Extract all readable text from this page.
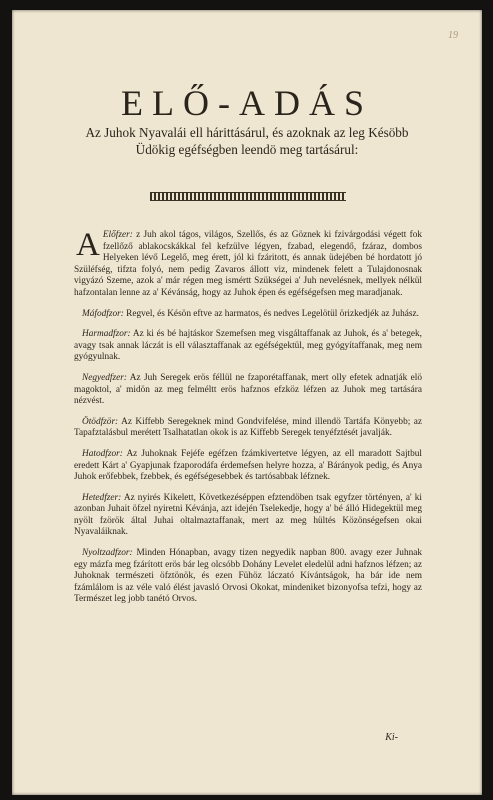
19
ELŐ-ADÁS
Az Juhok Nyavalái ell hárittásárul, és azoknak az leg Késöbb Üdökig egéfségben leendö meg tartásárul:

Előfzer:
A	z Juh akol tágos, világos, Szellős, és az Göznek ki fzivárgodási végett fok fzellőző ablakocskákkal fel kefzülve légyen, fzabad, elegendő, fzáraz, dombos Helyeken lévő Legelő, meg érett, jól ki fzáritott, és annak üdejében bé hordatott jó Szüléfség, tifzta folyó, nem pedig Zavaros állott viz, mindenek felett a Tulajdonosnak vigyázó Szeme, azok a' már régen meg ismértt Szükségei a' Juh nevelésnek, mellyek nélkül hafzontalan lenne az a' Kévánság, hogy az Juhok épen és egéfségefsen meg maradjanak.

Máfodfzor: Regvel, és Késön eftve az harmatos, és nedves Legelötül örizkedjék az Juhász.

Harmadfzor: Az ki és bé hajtáskor Szemefsen meg visgáltaffanak az Juhok, és a' betegek, avagy tsak annak láczát is ell választaffanak az egéfségektül, meg gyógyítaffanak, meg nem gyógyulnak.

Negyedfzer: Az Juh Seregek erös féllül ne fzaporétaffanak, mert olly efetek adnatják elö magoktol, a' midön az meg felméltt erös hafznos efzköz léfzen az Juhok meg tartására nézvést.

Ötödfzör: Az Kiffebb Seregeknek mind Gondvifelése, mind illendö Tartáfa Könyebb; az Tapafztalásbul merétett Tsalhatatlan okok is az Kiffebb Seregek tenyéfztését javalják.

Hatodfzor: Az Juhoknak Fejéfe egéfzen fzámkivertetve légyen, az ell maradott Sajtbul eredett Kárt a' Gyapjunak fzaporodáfa érdemefsen helyre hozza, a' Bárányok pedig, és Anya Juhok erőfebbek, fzebbek, és egéfségesebbek és tartósabbak léfznek.

Hetedfzer: Az nyirés Kikelett, Következéséppen efztendöben tsak egyfzer történyen, a' ki azonban Juhait öfzel nyiretni Kévánja, azt idején Tselekedje, hogy a' bé álló Hidegektül meg nyölt fzörök által Juhai oltalmaztaffanak, mert az meg hültés Közönségefsen okai Nyavaláiknak.

Nyoltzadfzor: Minden Hónapban, avagy tizen negyedik napban 800. avagy ezer Juhnak egy mázfa meg fzárított erös bár leg olcsóbb Dohány Levelet eledelül adni hafznos léfzen; az Juhoknak természeti öfztönök, és ezen Fühöz láczató Kívántságok, ha bár ide nem fzámlálom is az véle való élést javasló Orvosi Okokat, mindeniket bizonyofsa tefzi, hogy az Természet leg jobb tanétó Orvos.

Ki-
